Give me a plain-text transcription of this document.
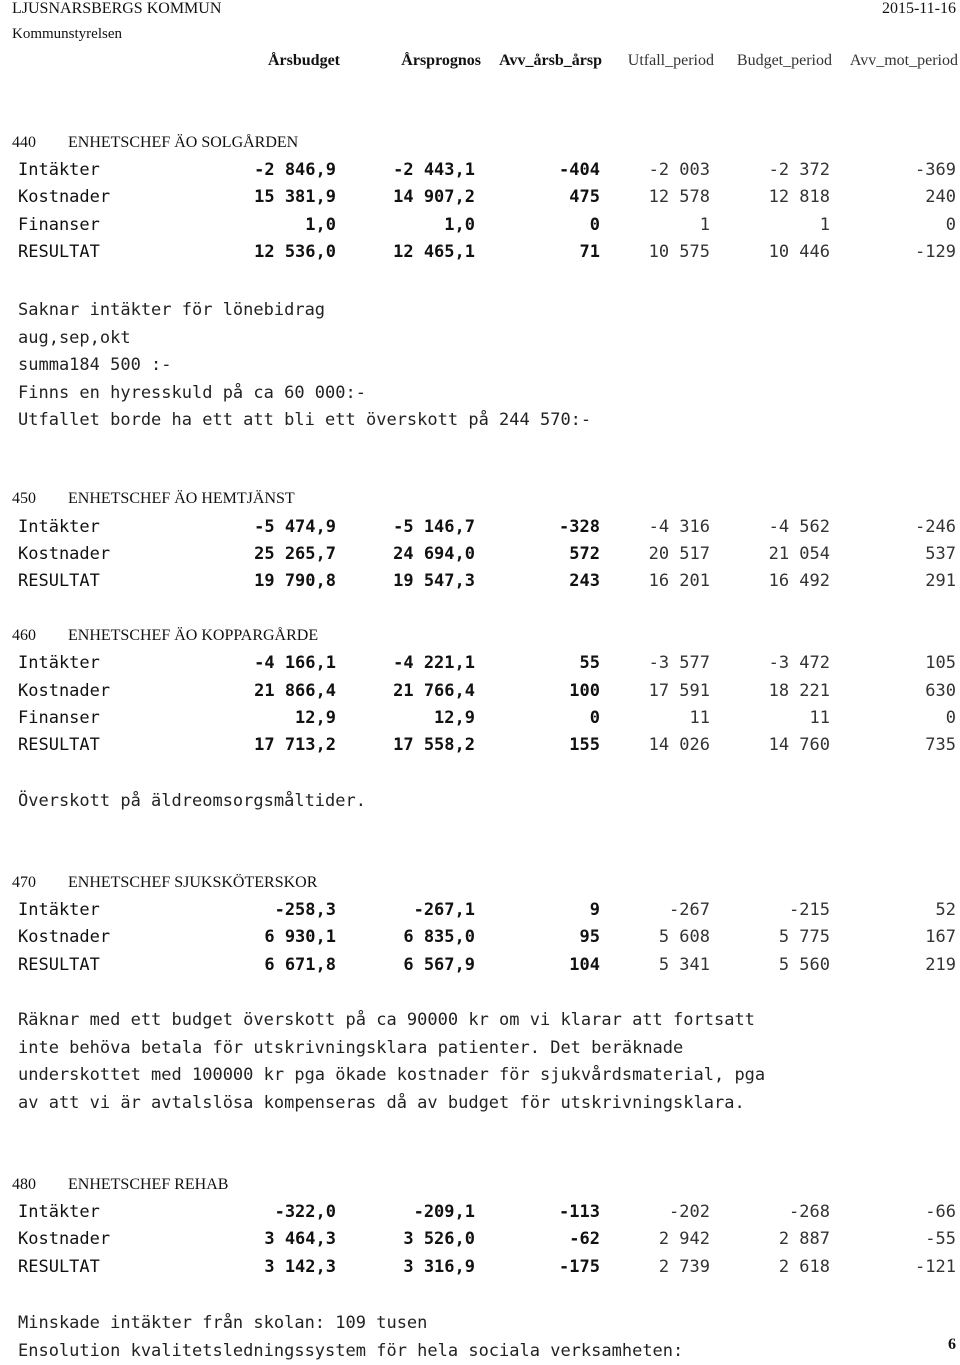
LJUSNARSBERGS KOMMUN
Kommunstyrelsen
2015-11-16
Årsbudget	Årsprognos Avv_årsb_årsp Utfall_period Budget_period Avv_mot_period
440 ENHETSCHEF ÄO SOLGÅRDEN
Intäkter	-2 846,9	-2 443,1	-404	-2 003	-2 372	-369
Kostnader	15 381,9	14 907,2	475	12 578	12 818	240
Finanser	1,0	1,0	0	1	1	0
RESULTAT	12 536,0	12 465,1	71	10 575	10 446	-129
Saknar intäkter för lönebidrag
aug,sep,okt
summa184 500 :-
Finns en hyresskuld på ca 60 000:-
Utfallet borde ha ett att bli ett överskott på 244 570:-
450 ENHETSCHEF ÄO HEMTJÄNST
Intäkter	-5 474,9	-5 146,7	-328	-4 316	-4 562	-246
Kostnader	25 265,7	24 694,0	572	20 517	21 054	537
RESULTAT	19 790,8	19 547,3	243	16 201	16 492	291
460 ENHETSCHEF ÄO KOPPARGÅRDE
Intäkter	-4 166,1	-4 221,1	55	-3 577	-3 472	105
Kostnader	21 866,4	21 766,4	100	17 591	18 221	630
Finanser	12,9	12,9	0	11	11	0
RESULTAT	17 713,2	17 558,2	155	14 026	14 760	735
Överskott på äldreomsorgsmåltider.
470 ENHETSCHEF SJUKSKÖTERSKOR
Intäkter	-258,3	-267,1	9	-267	-215	52
Kostnader	6 930,1	6 835,0	95	5 608	5 775	167
RESULTAT	6 671,8	6 567,9	104	5 341	5 560	219
Räknar med ett budget överskott på ca 90000 kr om vi klarar att fortsatt
inte behöva betala för utskrivningsklara patienter. Det beräknade
underskottet med 100000 kr pga ökade kostnader för sjukvårdsmaterial, pga
av att vi är avtalslösa kompenseras då av budget för utskrivningsklara.
480 ENHETSCHEF REHAB
Intäkter	-322,0	-209,1	-113	-202	-268	-66
Kostnader	3 464,3	3 526,0	-62	2 942	2 887	-55
RESULTAT	3 142,3	3 316,9	-175	2 739	2 618	-121
Minskade intäkter från skolan: 109 tusen
Ensolution kvalitetsledningssystem för hela sociala verksamheten:	6
